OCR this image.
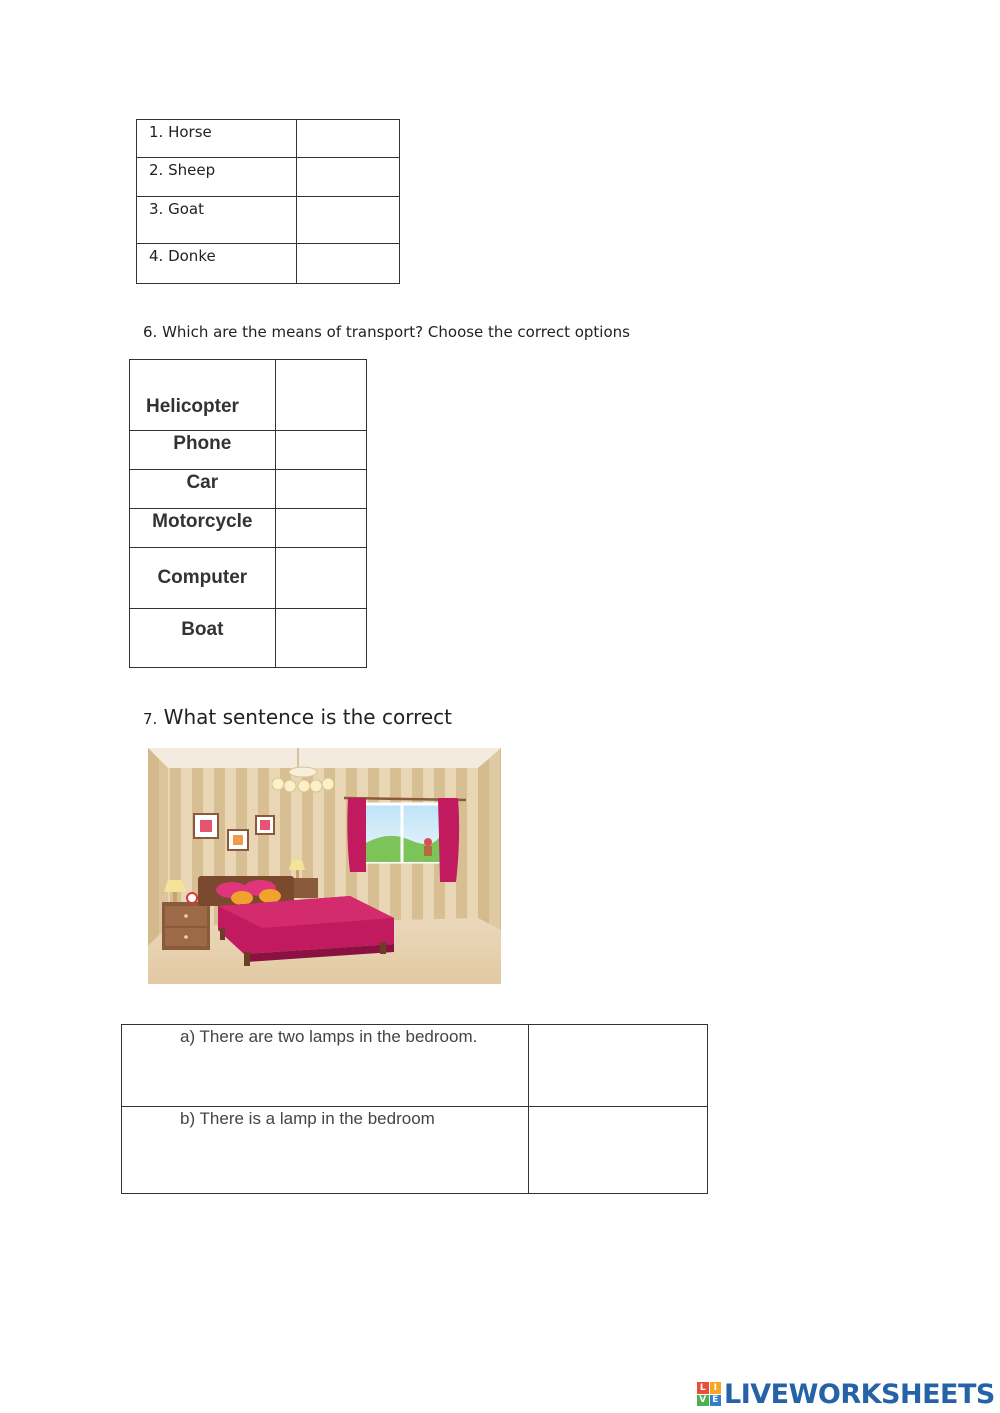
1. Horse	
2. Sheep	
3. Goat	
4. Donke	
6. Which are the means of transport? Choose the correct options
Helicopter	
Phone	
Car	
Motorcycle	
Computer	
Boat	
7. What sentence is the correct
a) There are two lamps in the bedroom.	
b) There is a lamp in the bedroom	
L I
V E LIVEWORKSHEETS
